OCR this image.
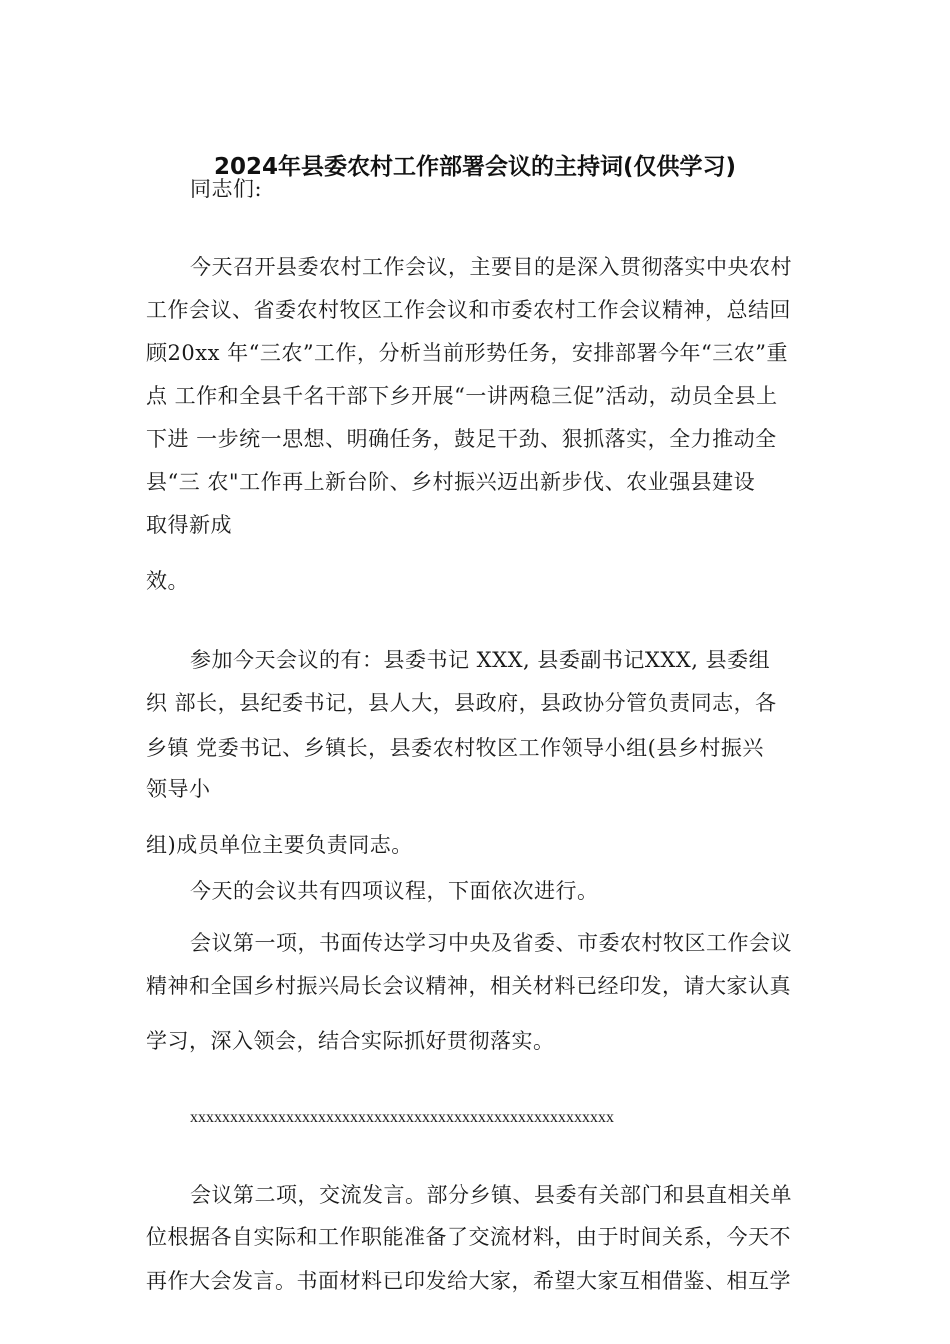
2024年县委农村工作部署会议的主持词(仅供学习)
同志们:
今天召开县委农村工作会议，主要目的是深入贯彻落实中央农村
工作会议、省委农村牧区工作会议和市委农村工作会议精神，总结回
顾20xx 年“三农”工作，分析当前形势任务，安排部署今年“三农”重
点 工作和全县千名干部下乡开展“一讲两稳三促”活动，动员全县上
下进 一步统一思想、明确任务，鼓足干劲、狠抓落实，全力推动全
县“三 农"工作再上新台阶、乡村振兴迈出新步伐、农业强县建设
取得新成
效。
参加今天会议的有：县委书记 XXX, 县委副书记XXX, 县委组
织 部长，县纪委书记，县人大，县政府，县政协分管负责同志，各
乡镇 党委书记、乡镇长，县委农村牧区工作领导小组(县乡村振兴
领导小
组)成员单位主要负责同志。
今天的会议共有四项议程，下面依次进行。
会议第一项，书面传达学习中央及省委、市委农村牧区工作会议
精神和全国乡村振兴局长会议精神，相关材料已经印发，请大家认真
学习，深入领会，结合实际抓好贯彻落实。
xxxxxxxxxxxxxxxxxxxxxxxxxxxxxxxxxxxxxxxxxxxxxxxxxxxxx
会议第二项，交流发言。部分乡镇、县委有关部门和县直相关单
位根据各自实际和工作职能准备了交流材料，由于时间关系，今天不
再作大会发言。书面材料已印发给大家，希望大家互相借鉴、相互学
